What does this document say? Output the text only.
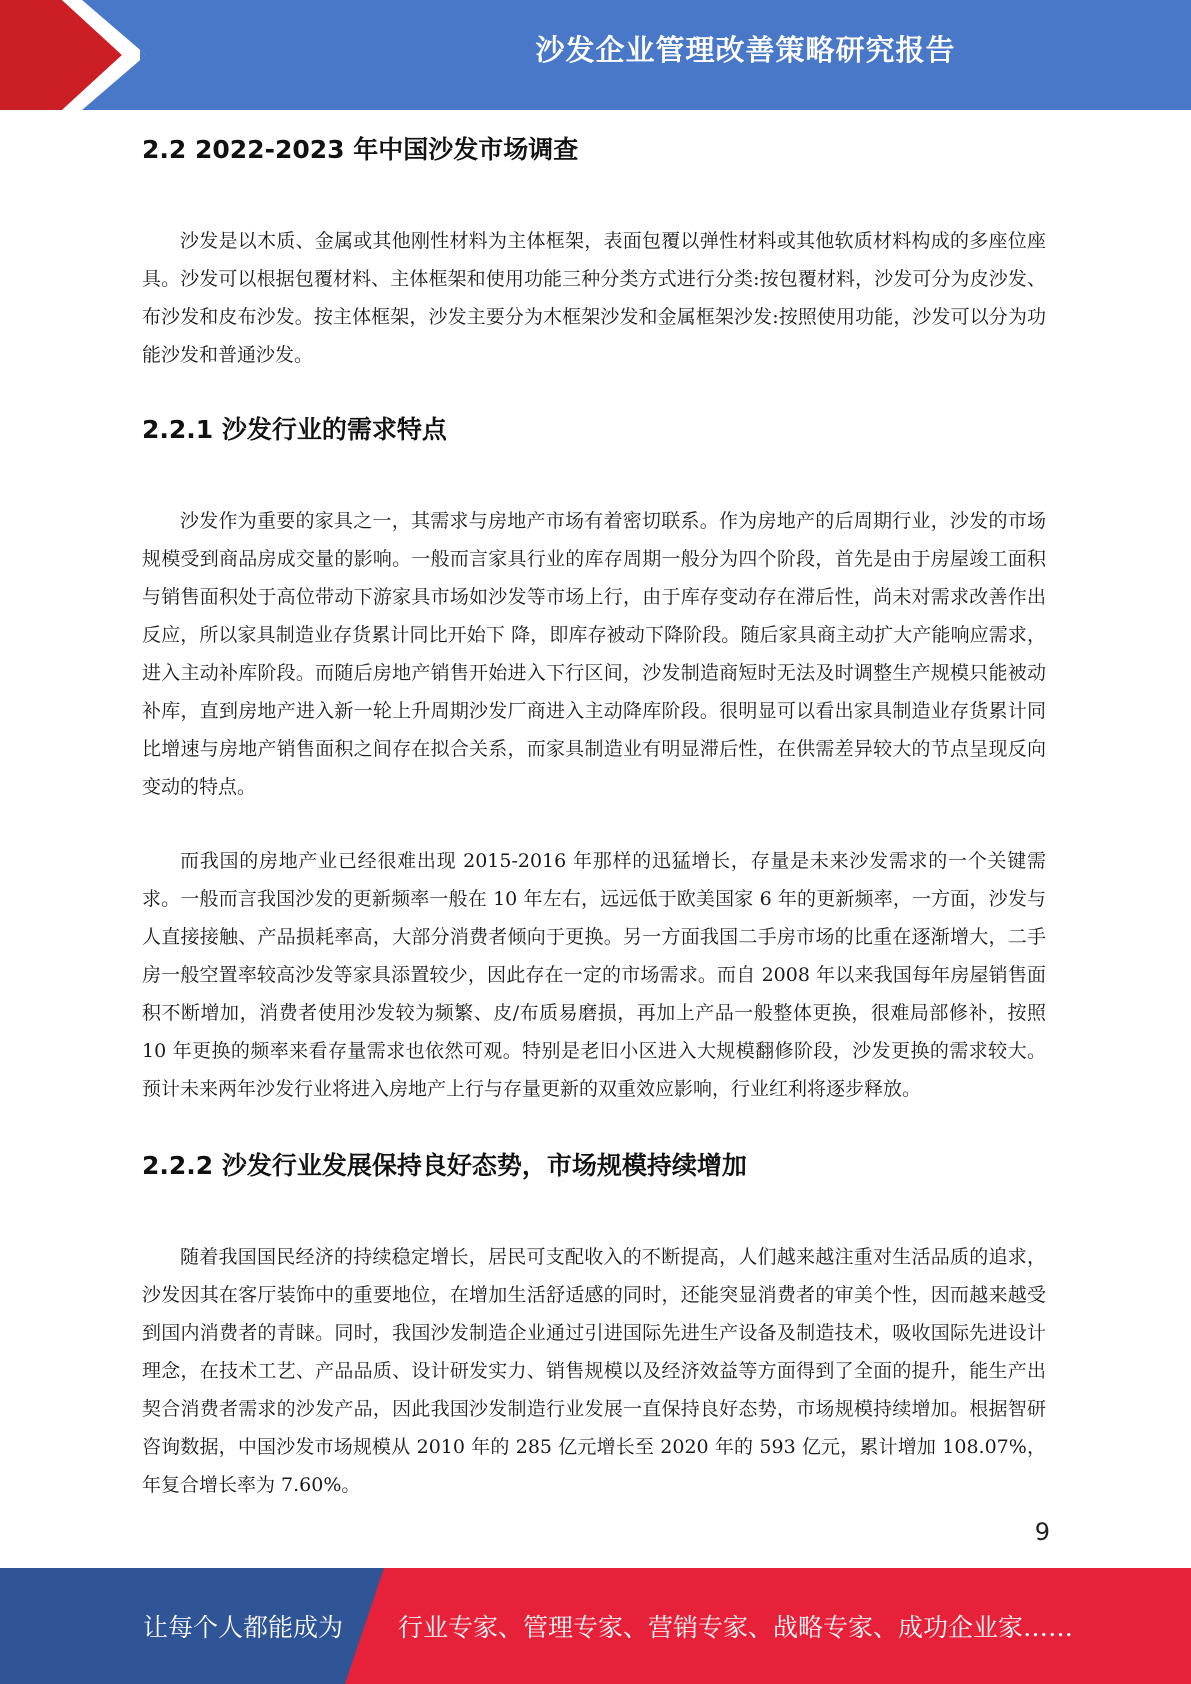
沙发企业管理改善策略研究报告
2.2 2022-2023 年中国沙发市场调查

沙发是以木质、金属或其他刚性材料为主体框架，表面包覆以弹性材料或其他软质材料构成的多座位座具。沙发可以根据包覆材料、主体框架和使用功能三种分类方式进行分类:按包覆材料，沙发可分为皮沙发、布沙发和皮布沙发。按主体框架，沙发主要分为木框架沙发和金属框架沙发:按照使用功能，沙发可以分为功能沙发和普通沙发。

2.2.1 沙发行业的需求特点

沙发作为重要的家具之一，其需求与房地产市场有着密切联系。作为房地产的后周期行业，沙发的市场规模受到商品房成交量的影响。一般而言家具行业的库存周期一般分为四个阶段，首先是由于房屋竣工面积与销售面积处于高位带动下游家具市场如沙发等市场上行，由于库存变动存在滞后性，尚未对需求改善作出反应，所以家具制造业存货累计同比开始下 降，即库存被动下降阶段。随后家具商主动扩大产能响应需求，进入主动补库阶段。而随后房地产销售开始进入下行区间，沙发制造商短时无法及时调整生产规模只能被动补库，直到房地产进入新一轮上升周期沙发厂商进入主动降库阶段。很明显可以看出家具制造业存货累计同比增速与房地产销售面积之间存在拟合关系，而家具制造业有明显滞后性，在供需差异较大的节点呈现反向变动的特点。

而我国的房地产业已经很难出现 2015-2016 年那样的迅猛增长，存量是未来沙发需求的一个关键需求。一般而言我国沙发的更新频率一般在 10 年左右，远远低于欧美国家 6 年的更新频率，一方面，沙发与人直接接触、产品损耗率高，大部分消费者倾向于更换。另一方面我国二手房市场的比重在逐渐增大，二手房一般空置率较高沙发等家具添置较少，因此存在一定的市场需求。而自 2008 年以来我国每年房屋销售面积不断增加，消费者使用沙发较为频繁、皮/布质易磨损，再加上产品一般整体更换，很难局部修补，按照 10 年更换的频率来看存量需求也依然可观。特别是老旧小区进入大规模翻修阶段，沙发更换的需求较大。预计未来两年沙发行业将进入房地产上行与存量更新的双重效应影响，行业红利将逐步释放。

2.2.2 沙发行业发展保持良好态势，市场规模持续增加

随着我国国民经济的持续稳定增长，居民可支配收入的不断提高，人们越来越注重对生活品质的追求，沙发因其在客厅装饰中的重要地位，在增加生活舒适感的同时，还能突显消费者的审美个性，因而越来越受到国内消费者的青睐。同时，我国沙发制造企业通过引进国际先进生产设备及制造技术，吸收国际先进设计理念，在技术工艺、产品品质、设计研发实力、销售规模以及经济效益等方面得到了全面的提升，能生产出契合消费者需求的沙发产品，因此我国沙发制造行业发展一直保持良好态势，市场规模持续增加。根据智研咨询数据，中国沙发市场规模从 2010 年的 285 亿元增长至 2020 年的 593 亿元，累计增加 108.07%，年复合增长率为 7.60%。

9
让每个人都能成为 行业专家、管理专家、营销专家、战略专家、成功企业家……
